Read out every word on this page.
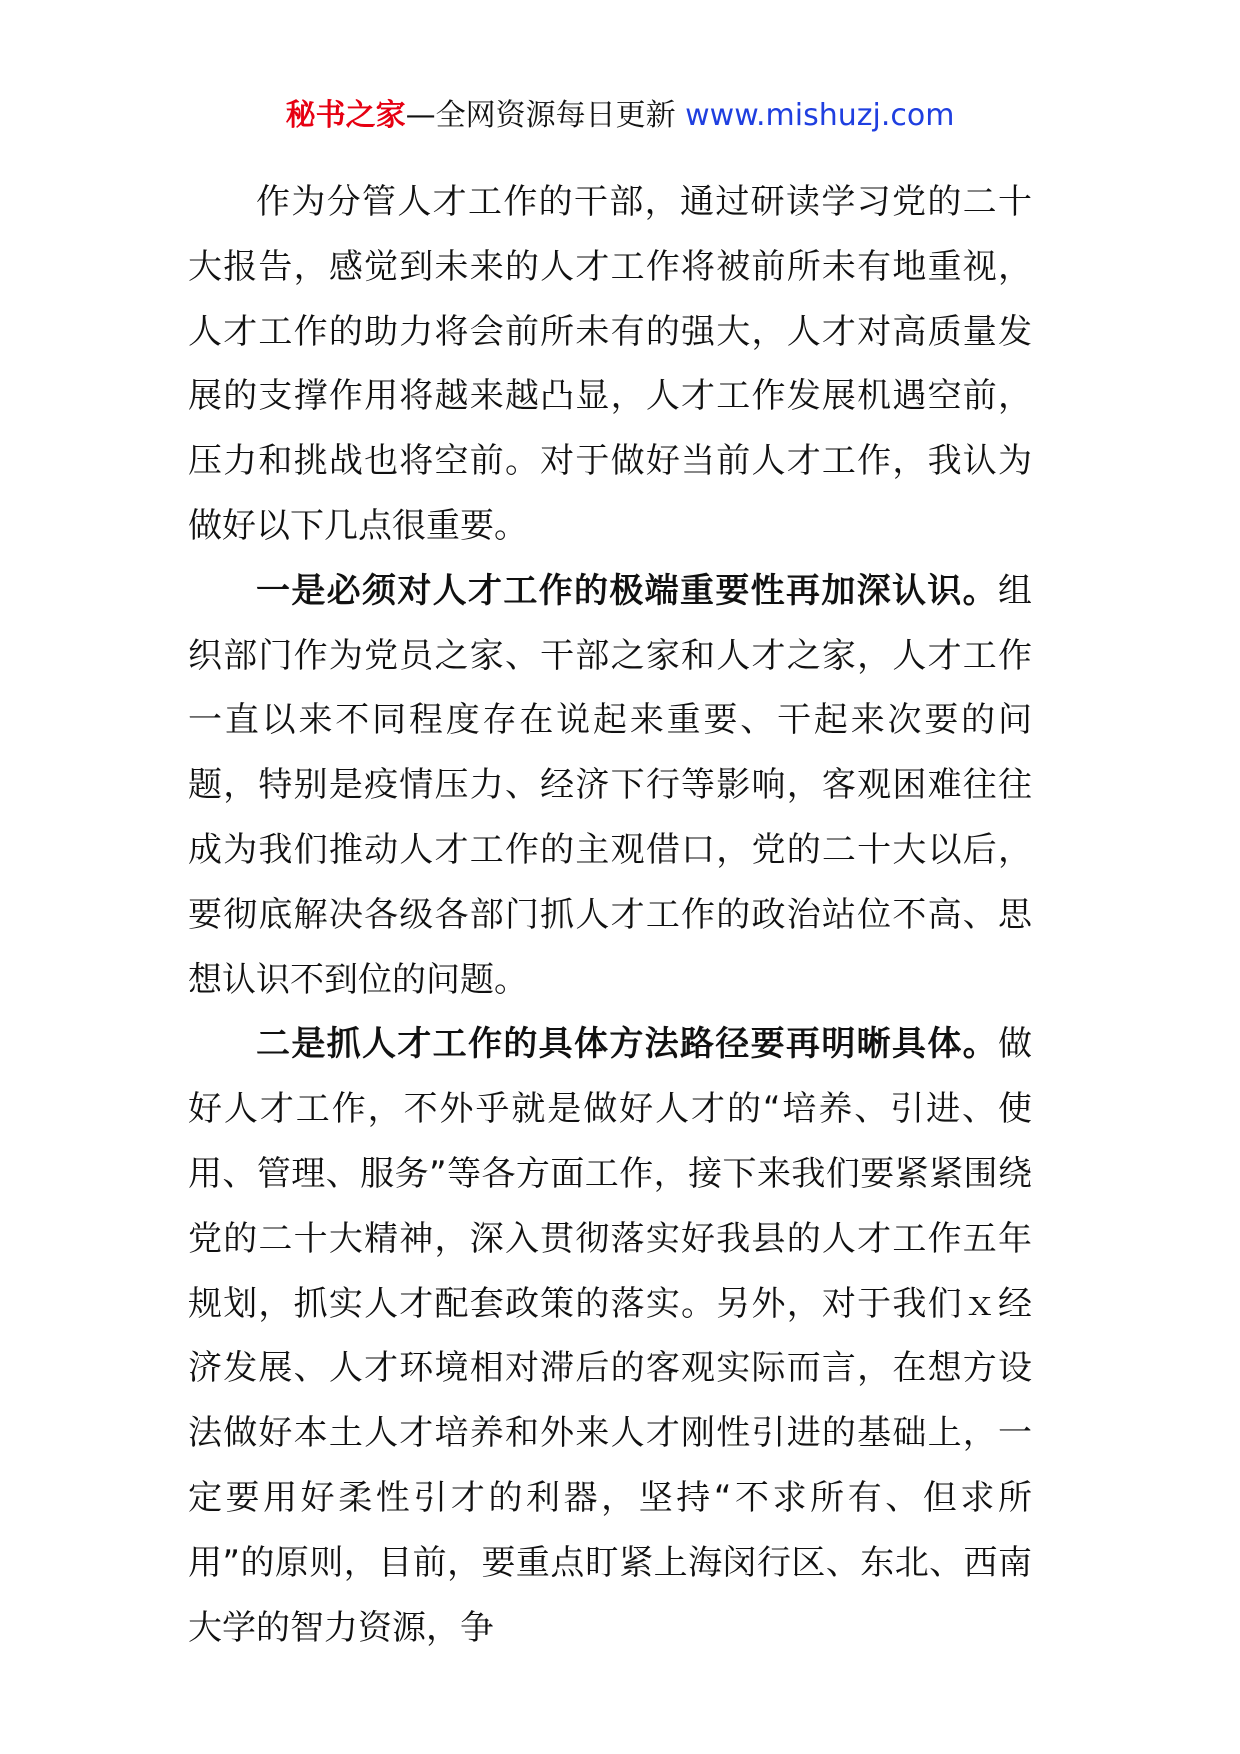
秘书之家—全网资源每日更新 www.mishuzj.com

作为分管人才工作的干部，通过研读学习党的二十大报告，感觉到未来的人才工作将被前所未有地重视，人才工作的助力将会前所未有的强大，人才对高质量发展的支撑作用将越来越凸显，人才工作发展机遇空前，压力和挑战也将空前。对于做好当前人才工作，我认为做好以下几点很重要。

一是必须对人才工作的极端重要性再加深认识。组织部门作为党员之家、干部之家和人才之家，人才工作一直以来不同程度存在说起来重要、干起来次要的问题，特别是疫情压力、经济下行等影响，客观困难往往成为我们推动人才工作的主观借口，党的二十大以后，要彻底解决各级各部门抓人才工作的政治站位不高、思想认识不到位的问题。

二是抓人才工作的具体方法路径要再明晰具体。做好人才工作，不外乎就是做好人才的“培养、引进、使用、管理、服务”等各方面工作，接下来我们要紧紧围绕党的二十大精神，深入贯彻落实好我县的人才工作五年规划，抓实人才配套政策的落实。另外，对于我们ｘ经济发展、人才环境相对滞后的客观实际而言，在想方设法做好本土人才培养和外来人才刚性引进的基础上，一定要用好柔性引才的利器，坚持“不求所有、但求所用”的原则，目前，要重点盯紧上海闵行区、东北、西南大学的智力资源，争
